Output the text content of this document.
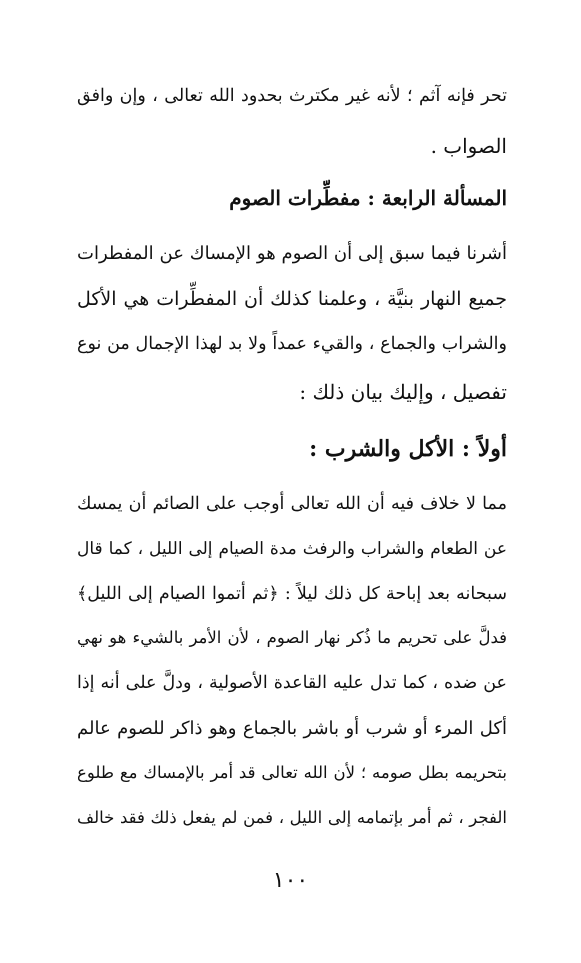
تحر فإنه آثم ؛ لأنه غير مكترث بحدود الله تعالى ، وإن وافق
الصواب .
المسألة الرابعة : مفطِّرات الصوم
أشرنا فيما سبق إلى أن الصوم هو الإمساك عن المفطرات
جميع النهار بنيَّة ، وعلمنا كذلك أن المفطِّرات هي الأكل
والشراب والجماع ، والقيء عمداً ولا بد لهذا الإجمال من نوع
تفصيل ، وإليك بيان ذلك :
أولاً : الأكل والشرب :
مما لا خلاف فيه أن الله تعالى أوجب على الصائم أن يمسك
عن الطعام والشراب والرفث مدة الصيام إلى الليل ، كما قال
سبحانه بعد إباحة كل ذلك ليلاً : ﴿ثم أتموا الصيام إلى الليل﴾
فدلَّ على تحريم ما ذُكر نهار الصوم ، لأن الأمر بالشيء هو نهي
عن ضده ، كما تدل عليه القاعدة الأصولية ، ودلَّ على أنه إذا
أكل المرء أو شرب أو باشر بالجماع وهو ذاكر للصوم عالم
بتحريمه بطل صومه ؛ لأن الله تعالى قد أمر بالإمساك مع طلوع
الفجر ، ثم أمر بإتمامه إلى الليل ، فمن لم يفعل ذلك فقد خالف
١٠٠
